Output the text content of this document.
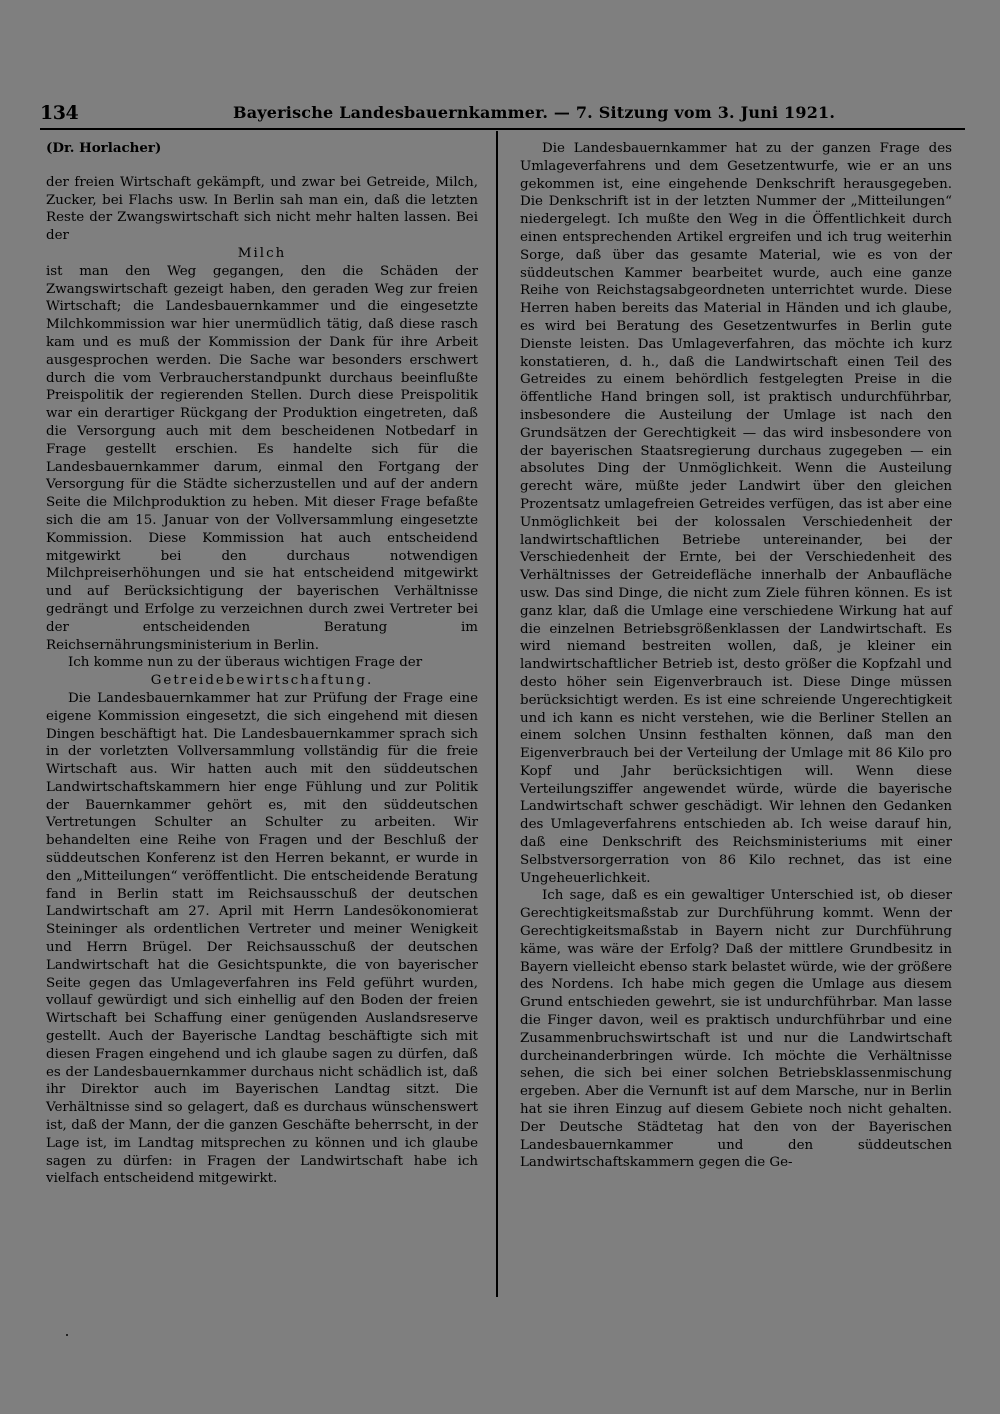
134	Bayerische Landesbauernkammer. — 7. Sitzung vom 3. Juni 1921.

(Dr. Horlacher)

der freien Wirtschaft gekämpft, und zwar bei Getreide, Milch, Zucker, bei Flachs usw. In Berlin sah man ein, daß die letzten Reste der Zwangswirtschaft sich nicht mehr halten lassen. Bei der

Milch

ist man den Weg gegangen, den die Schäden der Zwangswirtschaft gezeigt haben, den geraden Weg zur freien Wirtschaft; die Landesbauernkammer und die eingesetzte Milchkommission war hier unermüdlich tätig, daß diese rasch kam und es muß der Kommission der Dank für ihre Arbeit ausgesprochen werden. Die Sache war besonders erschwert durch die vom Verbraucherstandpunkt durchaus beeinflußte Preispolitik der regierenden Stellen. Durch diese Preispolitik war ein derartiger Rückgang der Produktion eingetreten, daß die Versorgung auch mit dem bescheidenen Notbedarf in Frage gestellt erschien. Es handelte sich für die Landesbauernkammer darum, einmal den Fortgang der Versorgung für die Städte sicherzustellen und auf der andern Seite die Milchproduktion zu heben. Mit dieser Frage befaßte sich die am 15. Januar von der Vollversammlung eingesetzte Kommission. Diese Kommission hat auch entscheidend mitgewirkt bei den durchaus notwendigen Milchpreiserhöhungen und sie hat entscheidend mitgewirkt und auf Berücksichtigung der bayerischen Verhältnisse gedrängt und Erfolge zu verzeichnen durch zwei Vertreter bei der entscheidenden Beratung im Reichsernährungsministerium in Berlin.

Ich komme nun zu der überaus wichtigen Frage der

Getreidebewirtschaftung.

Die Landesbauernkammer hat zur Prüfung der Frage eine eigene Kommission eingesetzt, die sich eingehend mit diesen Dingen beschäftigt hat. Die Landesbauernkammer sprach sich in der vorletzten Vollversammlung vollständig für die freie Wirtschaft aus. Wir hatten auch mit den süddeutschen Landwirtschaftskammern hier enge Fühlung und zur Politik der Bauernkammer gehört es, mit den süddeutschen Vertretungen Schulter an Schulter zu arbeiten. Wir behandelten eine Reihe von Fragen und der Beschluß der süddeutschen Konferenz ist den Herren bekannt, er wurde in den „Mitteilungen“ veröffentlicht. Die entscheidende Beratung fand in Berlin statt im Reichsausschuß der deutschen Landwirtschaft am 27. April mit Herrn Landesökonomierat Steininger als ordentlichen Vertreter und meiner Wenigkeit und Herrn Brügel. Der Reichsausschuß der deutschen Landwirtschaft hat die Gesichtspunkte, die von bayerischer Seite gegen das Umlageverfahren ins Feld geführt wurden, vollauf gewürdigt und sich einhellig auf den Boden der freien Wirtschaft bei Schaffung einer genügenden Auslandsreserve gestellt. Auch der Bayerische Landtag beschäftigte sich mit diesen Fragen eingehend und ich glaube sagen zu dürfen, daß es der Landesbauernkammer durchaus nicht schädlich ist, daß ihr Direktor auch im Bayerischen Landtag sitzt. Die Verhältnisse sind so gelagert, daß es durchaus wünschenswert ist, daß der Mann, der die ganzen Geschäfte beherrscht, in der Lage ist, im Landtag mitsprechen zu können und ich glaube sagen zu dürfen: in Fragen der Landwirtschaft habe ich vielfach entscheidend mitgewirkt.

Die Landesbauernkammer hat zu der ganzen Frage des Umlageverfahrens und dem Gesetzentwurfe, wie er an uns gekommen ist, eine eingehende Denkschrift herausgegeben. Die Denkschrift ist in der letzten Nummer der „Mitteilungen“ niedergelegt. Ich mußte den Weg in die Öffentlichkeit durch einen entsprechenden Artikel ergreifen und ich trug weiterhin Sorge, daß über das gesamte Material, wie es von der süddeutschen Kammer bearbeitet wurde, auch eine ganze Reihe von Reichstagsabgeordneten unterrichtet wurde. Diese Herren haben bereits das Material in Händen und ich glaube, es wird bei Beratung des Gesetzentwurfes in Berlin gute Dienste leisten. Das Umlageverfahren, das möchte ich kurz konstatieren, d. h., daß die Landwirtschaft einen Teil des Getreides zu einem behördlich festgelegten Preise in die öffentliche Hand bringen soll, ist praktisch undurchführbar, insbesondere die Austeilung der Umlage ist nach den Grundsätzen der Gerechtigkeit — das wird insbesondere von der bayerischen Staatsregierung durchaus zugegeben — ein absolutes Ding der Unmöglichkeit. Wenn die Austeilung gerecht wäre, müßte jeder Landwirt über den gleichen Prozentsatz umlagefreien Getreides verfügen, das ist aber eine Unmöglichkeit bei der kolossalen Verschiedenheit der landwirtschaftlichen Betriebe untereinander, bei der Verschiedenheit der Ernte, bei der Verschiedenheit des Verhältnisses der Getreidefläche innerhalb der Anbaufläche usw. Das sind Dinge, die nicht zum Ziele führen können. Es ist ganz klar, daß die Umlage eine verschiedene Wirkung hat auf die einzelnen Betriebsgrößenklassen der Landwirtschaft. Es wird niemand bestreiten wollen, daß, je kleiner ein landwirtschaftlicher Betrieb ist, desto größer die Kopfzahl und desto höher sein Eigenverbrauch ist. Diese Dinge müssen berücksichtigt werden. Es ist eine schreiende Ungerechtigkeit und ich kann es nicht verstehen, wie die Berliner Stellen an einem solchen Unsinn festhalten können, daß man den Eigenverbrauch bei der Verteilung der Umlage mit 86 Kilo pro Kopf und Jahr berücksichtigen will. Wenn diese Verteilungsziffer angewendet würde, würde die bayerische Landwirtschaft schwer geschädigt. Wir lehnen den Gedanken des Umlageverfahrens entschieden ab. Ich weise darauf hin, daß eine Denkschrift des Reichsministeriums mit einer Selbstversorgerration von 86 Kilo rechnet, das ist eine Ungeheuerlichkeit.

Ich sage, daß es ein gewaltiger Unterschied ist, ob dieser Gerechtigkeitsmaßstab zur Durchführung kommt. Wenn der Gerechtigkeitsmaßstab in Bayern nicht zur Durchführung käme, was wäre der Erfolg? Daß der mittlere Grundbesitz in Bayern vielleicht ebenso stark belastet würde, wie der größere des Nordens. Ich habe mich gegen die Umlage aus diesem Grund entschieden gewehrt, sie ist undurchführbar. Man lasse die Finger davon, weil es praktisch undurchführbar und eine Zusammenbruchswirtschaft ist und nur die Landwirtschaft durcheinanderbringen würde. Ich möchte die Verhältnisse sehen, die sich bei einer solchen Betriebsklassenmischung ergeben. Aber die Vernunft ist auf dem Marsche, nur in Berlin hat sie ihren Einzug auf diesem Gebiete noch nicht gehalten. Der Deutsche Städtetag hat den von der Bayerischen Landesbauernkammer und den süddeutschen Landwirtschaftskammern gegen die Ge-
